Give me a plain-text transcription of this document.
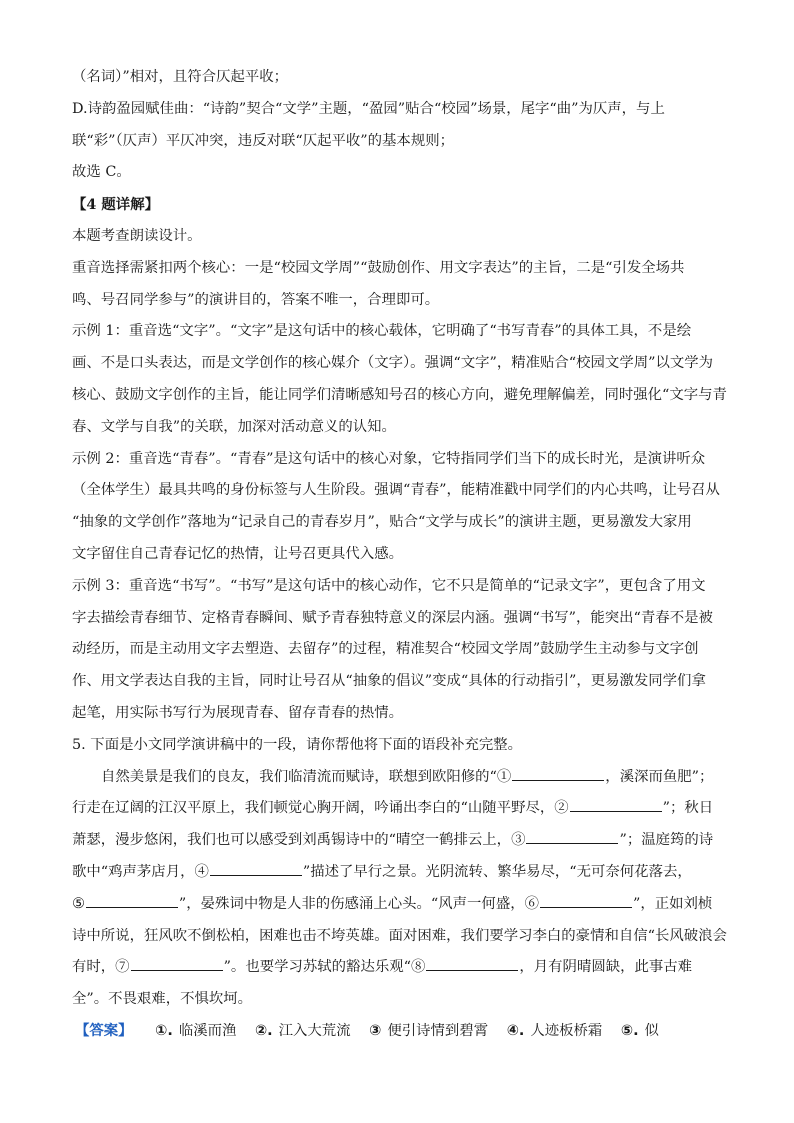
（名词）”相对，且符合仄起平收；
D.诗韵盈园赋佳曲：“诗韵”契合“文学”主题，“盈园”贴合“校园”场景，尾字“曲”为仄声，与上
联“彩”（仄声）平仄冲突，违反对联“仄起平收”的基本规则；
故选 C。
【4 题详解】
本题考查朗读设计。
重音选择需紧扣两个核心：一是“校园文学周”“鼓励创作、用文字表达”的主旨，二是“引发全场共
鸣、号召同学参与”的演讲目的，答案不唯一，合理即可。
示例 1：重音选“文字”。“文字”是这句话中的核心载体，它明确了“书写青春”的具体工具，不是绘
画、不是口头表达，而是文学创作的核心媒介（文字）。强调“文字”，精准贴合“校园文学周”以文学为
核心、鼓励文字创作的主旨，能让同学们清晰感知号召的核心方向，避免理解偏差，同时强化“文字与青
春、文学与自我”的关联，加深对活动意义的认知。
示例 2：重音选“青春”。“青春”是这句话中的核心对象，它特指同学们当下的成长时光，是演讲听众
（全体学生）最具共鸣的身份标签与人生阶段。强调“青春”，能精准戳中同学们的内心共鸣，让号召从
“抽象的文学创作”落地为“记录自己的青春岁月”，贴合“文学与成长”的演讲主题，更易激发大家用
文字留住自己青春记忆的热情，让号召更具代入感。
示例 3：重音选“书写”。“书写”是这句话中的核心动作，它不只是简单的“记录文字”，更包含了用文
字去描绘青春细节、定格青春瞬间、赋予青春独特意义的深层内涵。强调“书写”，能突出“青春不是被
动经历，而是主动用文字去塑造、去留存”的过程，精准契合“校园文学周”鼓励学生主动参与文字创
作、用文学表达自我的主旨，同时让号召从“抽象的倡议”变成“具体的行动指引”，更易激发同学们拿
起笔，用实际书写行为展现青春、留存青春的热情。
5. 下面是小文同学演讲稿中的一段，请你帮他将下面的语段补充完整。
自然美景是我们的良友，我们临清流而赋诗，联想到欧阳修的“①	，溪深而鱼肥”；
行走在辽阔的江汉平原上，我们顿觉心胸开阔，吟诵出李白的“山随平野尽，②	”；秋日
萧瑟，漫步悠闲，我们也可以感受到刘禹锡诗中的“晴空一鹤排云上，③	”；温庭筠的诗
歌中“鸡声茅店月，④	”描述了早行之景。光阴流转、繁华易尽，“无可奈何花落去，
⑤	”，晏殊词中物是人非的伤感涌上心头。“风声一何盛，⑥	”，正如刘桢
诗中所说，狂风吹不倒松柏，困难也击不垮英雄。面对困难，我们要学习李白的豪情和自信“长风破浪会
有时，⑦	”。也要学习苏轼的豁达乐观“⑧	，月有阴晴圆缺，此事古难
全”。不畏艰难，不惧坎坷。
【答案】 ①. 临溪而渔 ②. 江入大荒流 ③ 便引诗情到碧霄 ④. 人迹板桥霜 ⑤. 似
